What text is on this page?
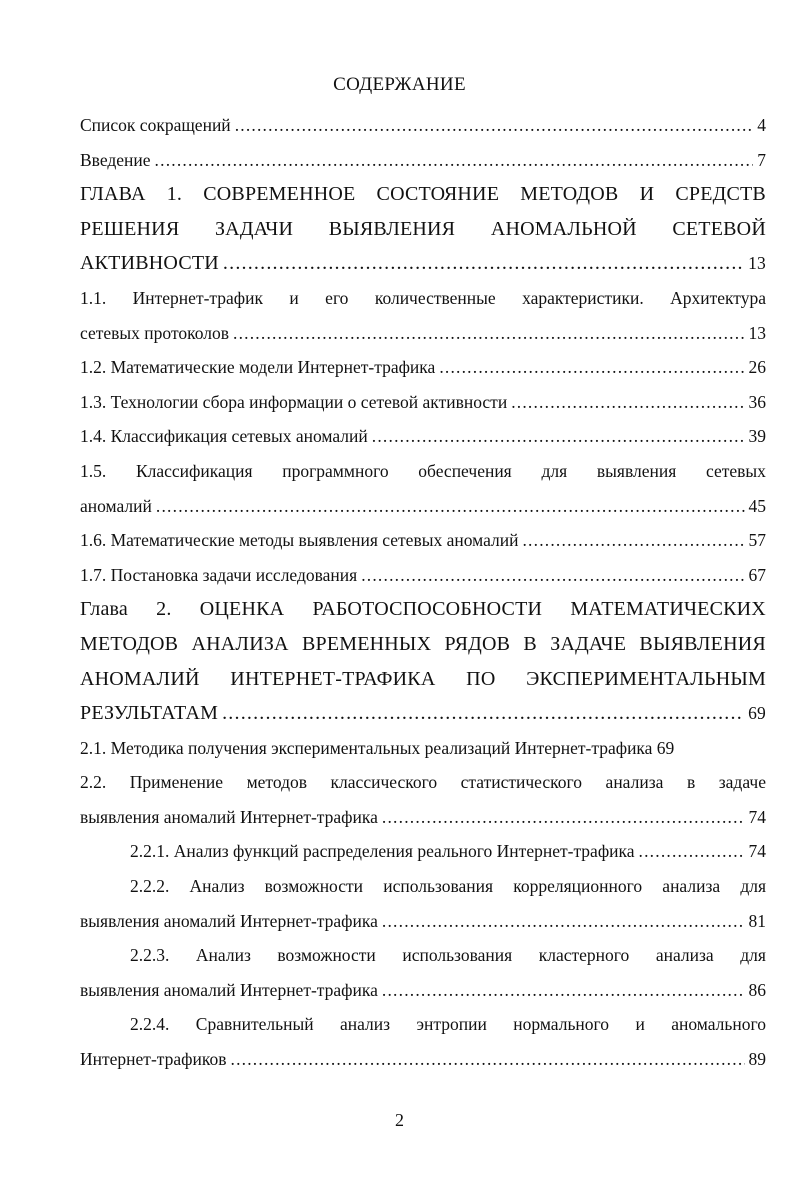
СОДЕРЖАНИЕ
Список сокращений .....	4
Введение .....	7
ГЛАВА 1. СОВРЕМЕННОЕ СОСТОЯНИЕ МЕТОДОВ И СРЕДСТВ
РЕШЕНИЯ ЗАДАЧИ ВЫЯВЛЕНИЯ АНОМАЛЬНОЙ СЕТЕВОЙ
АКТИВНОСТИ .....	13
1.1. Интернет-трафик и его количественные характеристики. Архитектура
сетевых протоколов .....	13
1.2. Математические модели Интернет-трафика .....	26
1.3. Технологии сбора информации о сетевой активности .....	36
1.4. Классификация сетевых аномалий .....	39
1.5. Классификация программного обеспечения для выявления сетевых
аномалий .....	45
1.6. Математические методы выявления сетевых аномалий .....	57
1.7. Постановка задачи исследования .....	67
Глава 2. ОЦЕНКА РАБОТОСПОСОБНОСТИ МАТЕМАТИЧЕСКИХ
МЕТОДОВ АНАЛИЗА ВРЕМЕННЫХ РЯДОВ В ЗАДАЧЕ ВЫЯВЛЕНИЯ
АНОМАЛИЙ ИНТЕРНЕТ-ТРАФИКА ПО ЭКСПЕРИМЕНТАЛЬНЫМ
РЕЗУЛЬТАТАМ .....	69
2.1. Методика получения экспериментальных реализаций Интернет-трафика 69
2.2. Применение методов классического статистического анализа в задаче
выявления аномалий Интернет-трафика .....	74
2.2.1. Анализ функций распределения реального Интернет-трафика .....	74
2.2.2. Анализ возможности использования корреляционного анализа для
выявления аномалий Интернет-трафика .....	81
2.2.3. Анализ возможности использования кластерного анализа для
выявления аномалий Интернет-трафика .....	86
2.2.4. Сравнительный анализ энтропии нормального и аномального
Интернет-трафиков .....	89
2
